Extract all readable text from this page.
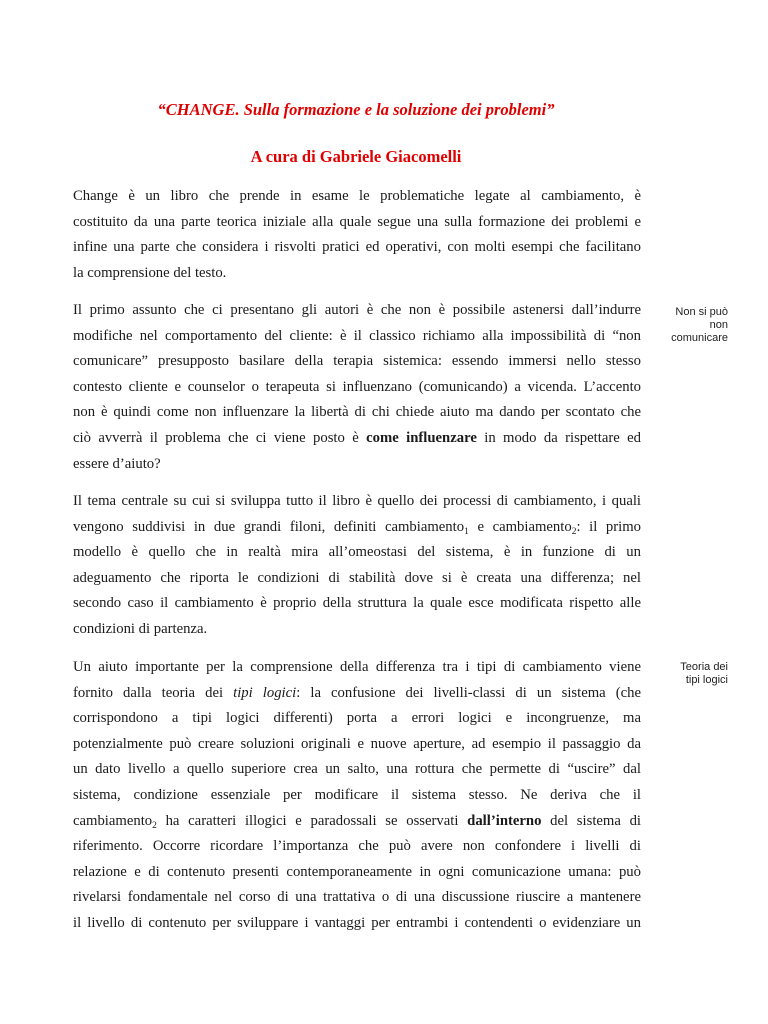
“CHANGE. Sulla formazione e la soluzione dei problemi”
A cura di Gabriele Giacomelli
Change è un libro che prende in esame le problematiche legate al cambiamento, è
costituito da una parte teorica iniziale alla quale segue una sulla formazione dei problemi e
infine una parte che considera i risvolti pratici ed operativi, con molti esempi che facilitano
la comprensione del testo.
Il primo assunto che ci presentano gli autori è che non è possibile astenersi dall’indurre
modifiche nel comportamento del cliente: è il classico richiamo alla impossibilità di “non
comunicare” presupposto basilare della terapia sistemica: essendo immersi nello stesso
contesto cliente e counselor o terapeuta si influenzano (comunicando) a vicenda. L’accento
non è quindi come non influenzare la libertà di chi chiede aiuto ma dando per scontato che
ciò avverrà il problema che ci viene posto è come influenzare in modo da rispettare ed
essere d’aiuto?
Il tema centrale su cui si sviluppa tutto il libro è quello dei processi di cambiamento, i quali
vengono suddivisi in due grandi filoni, definiti cambiamento$_1$ e cambiamento$_2$: il primo
modello è quello che in realtà mira all’omeostasi del sistema, è in funzione di un
adeguamento che riporta le condizioni di stabilità dove si è creata una differenza; nel
secondo caso il cambiamento è proprio della struttura la quale esce modificata rispetto alle
condizioni di partenza.
Un aiuto importante per la comprensione della differenza tra i tipi di cambiamento viene
fornito dalla teoria dei tipi logici: la confusione dei livelli-classi di un sistema (che
corrispondono a tipi logici differenti) porta a errori logici e incongruenze, ma
potenzialmente può creare soluzioni originali e nuove aperture, ad esempio il passaggio da
un dato livello a quello superiore crea un salto, una rottura che permette di “uscire” dal
sistema, condizione essenziale per modificare il sistema stesso. Ne deriva che il
cambiamento$_2$ ha caratteri illogici e paradossali se osservati dall’interno del sistema di
riferimento. Occorre ricordare l’importanza che può avere non confondere i livelli di
relazione e di contenuto presenti contemporaneamente in ogni comunicazione umana: può
rivelarsi fondamentale nel corso di una trattativa o di una discussione riuscire a mantenere
il livello di contenuto per sviluppare i vantaggi per entrambi i contendenti o evidenziare un
Non si può
non
comunicare
Teoria dei
tipi logici
